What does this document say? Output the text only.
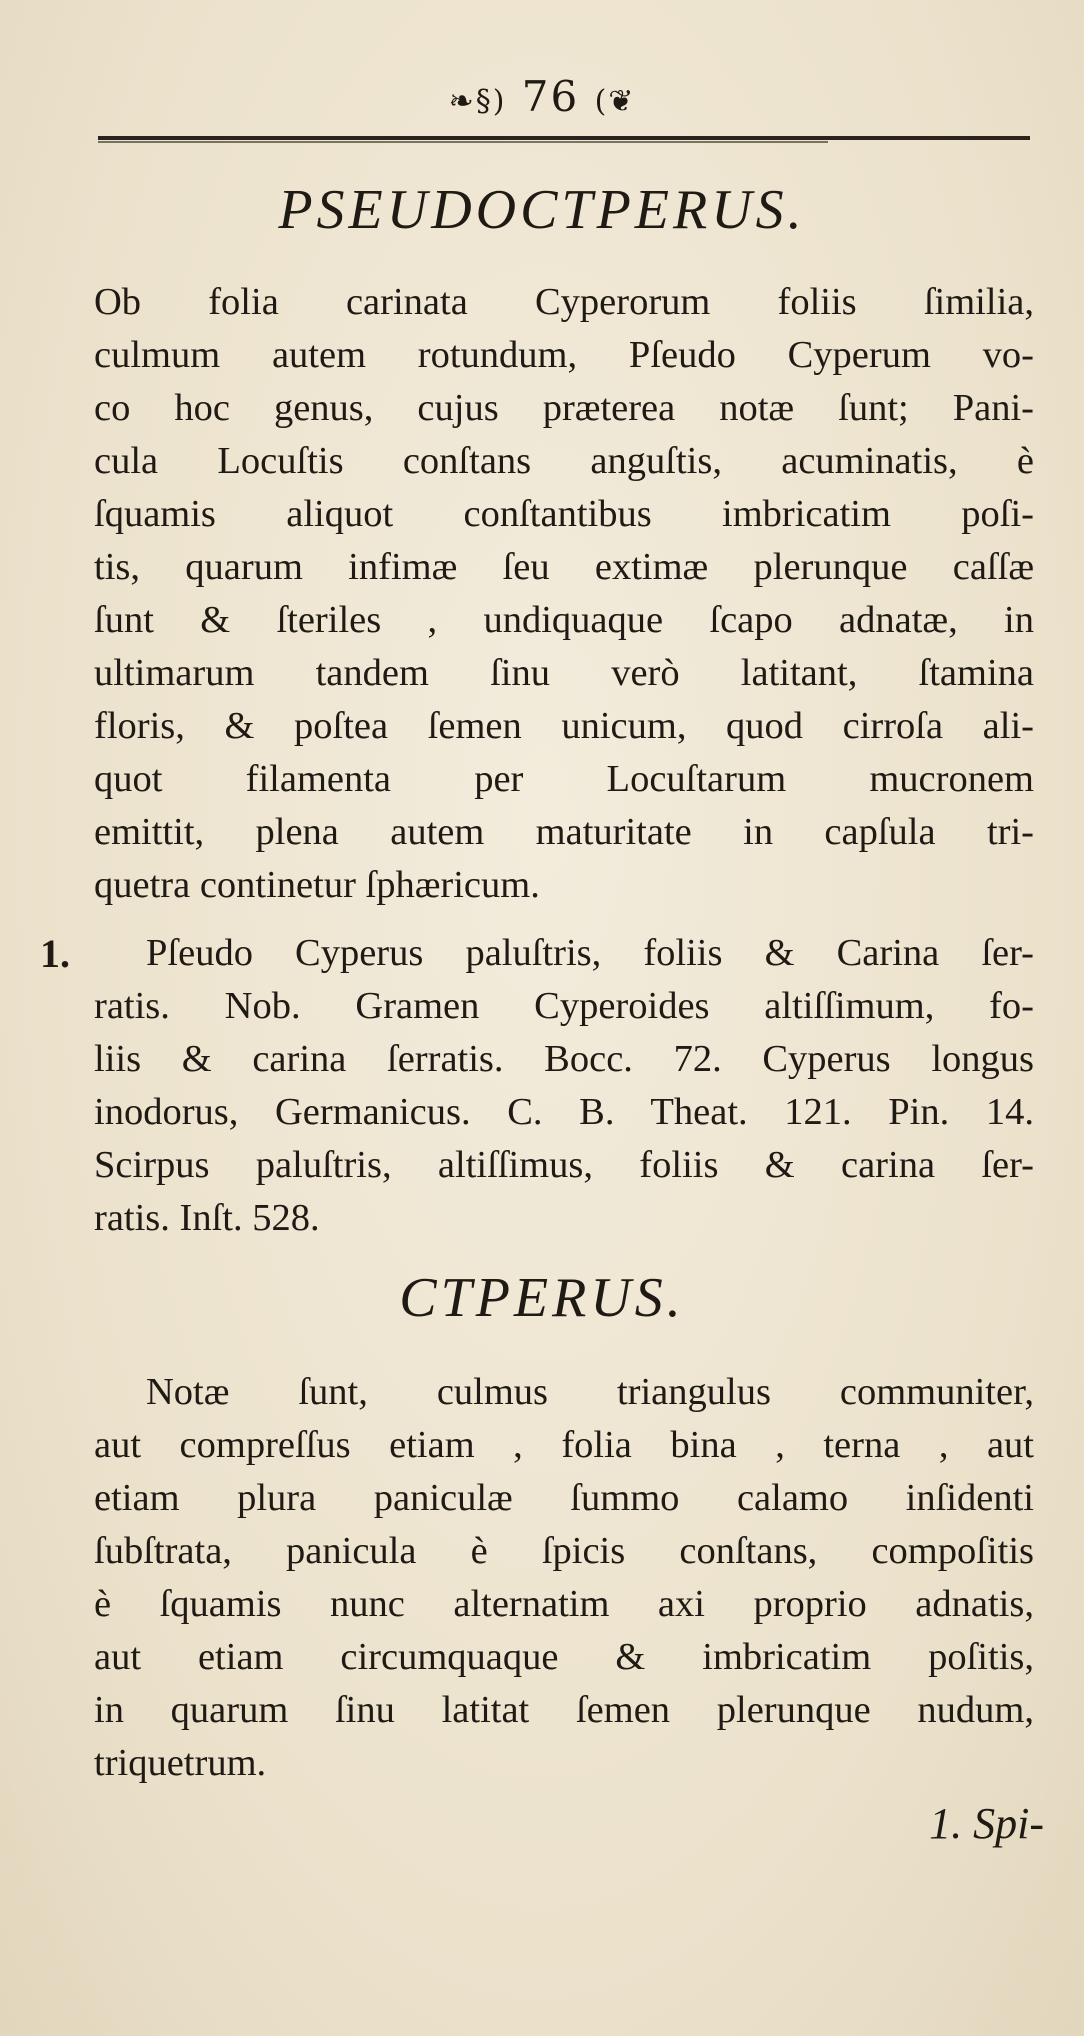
❧§) 76 (❦
PSEUDOCTPERUS.
Ob folia carinata Cyperorum foliis ſimilia,
culmum autem rotundum, Pſeudo Cyperum vo-
co hoc genus, cujus præterea notæ ſunt; Pani-
cula Locuſtis conſtans anguſtis, acuminatis, è
ſquamis aliquot conſtantibus imbricatim poſi-
tis, quarum infimæ ſeu extimæ plerunque caſſæ
ſunt & ſteriles , undiquaque ſcapo adnatæ, in
ultimarum tandem ſinu verò latitant, ſtamina
floris, & poſtea ſemen unicum, quod cirroſa ali-
quot filamenta per Locuſtarum mucronem
emittit, plena autem maturitate in capſula tri-
quetra continetur ſphæricum.
1.	Pſeudo Cyperus paluſtris, foliis & Carina ſer-
ratis. Nob. Gramen Cyperoides altiſſimum, fo-
liis & carina ſerratis. Bocc. 72. Cyperus longus
inodorus, Germanicus. C. B. Theat. 121. Pin. 14.
Scirpus paluſtris, altiſſimus, foliis & carina ſer-
ratis. Inſt. 528.
CTPERUS.
Notæ ſunt, culmus triangulus communiter,
aut compreſſus etiam , folia bina , terna , aut
etiam plura paniculæ ſummo calamo inſidenti
ſubſtrata, panicula è ſpicis conſtans, compoſitis
è ſquamis nunc alternatim axi proprio adnatis,
aut etiam circumquaque & imbricatim poſitis,
in quarum ſinu latitat ſemen plerunque nudum,
triquetrum.
1. Spi-
